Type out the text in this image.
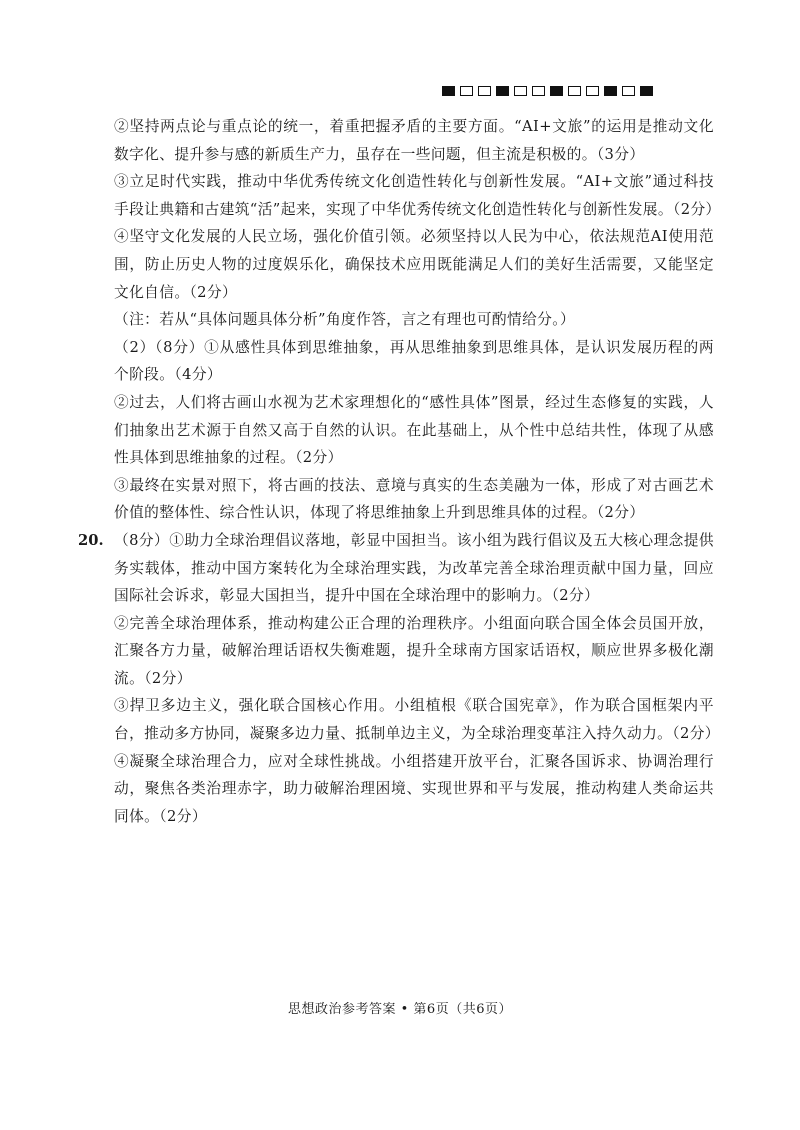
②坚持两点论与重点论的统一，着重把握矛盾的主要方面。“AI+文旅”的运用是推动文化数字化、提升参与感的新质生产力，虽存在一些问题，但主流是积极的。（3分）

③立足时代实践，推动中华优秀传统文化创造性转化与创新性发展。“AI+文旅”通过科技手段让典籍和古建筑“活”起来，实现了中华优秀传统文化创造性转化与创新性发展。（2分）

④坚守文化发展的人民立场，强化价值引领。必须坚持以人民为中心，依法规范AI使用范围，防止历史人物的过度娱乐化，确保技术应用既能满足人们的美好生活需要，又能坚定文化自信。（2分）

（注：若从“具体问题具体分析”角度作答，言之有理也可酌情给分。）

（2）（8分）①从感性具体到思维抽象，再从思维抽象到思维具体，是认识发展历程的两个阶段。（4分）

②过去，人们将古画山水视为艺术家理想化的“感性具体”图景，经过生态修复的实践，人们抽象出艺术源于自然又高于自然的认识。在此基础上，从个性中总结共性，体现了从感性具体到思维抽象的过程。（2分）

③最终在实景对照下，将古画的技法、意境与真实的生态美融为一体，形成了对古画艺术价值的整体性、综合性认识，体现了将思维抽象上升到思维具体的过程。（2分）

20. （8分）①助力全球治理倡议落地，彰显中国担当。该小组为践行倡议及五大核心理念提供务实载体，推动中国方案转化为全球治理实践，为改革完善全球治理贡献中国力量，回应国际社会诉求，彰显大国担当，提升中国在全球治理中的影响力。（2分）

②完善全球治理体系，推动构建公正合理的治理秩序。小组面向联合国全体会员国开放，汇聚各方力量，破解治理话语权失衡难题，提升全球南方国家话语权，顺应世界多极化潮流。（2分）

③捍卫多边主义，强化联合国核心作用。小组植根《联合国宪章》，作为联合国框架内平台，推动多方协同，凝聚多边力量、抵制单边主义，为全球治理变革注入持久动力。（2分）

④凝聚全球治理合力，应对全球性挑战。小组搭建开放平台，汇聚各国诉求、协调治理行动，聚焦各类治理赤字，助力破解治理困境、实现世界和平与发展，推动构建人类命运共同体。（2分）

思想政治参考答案 • 第6页（共6页）
